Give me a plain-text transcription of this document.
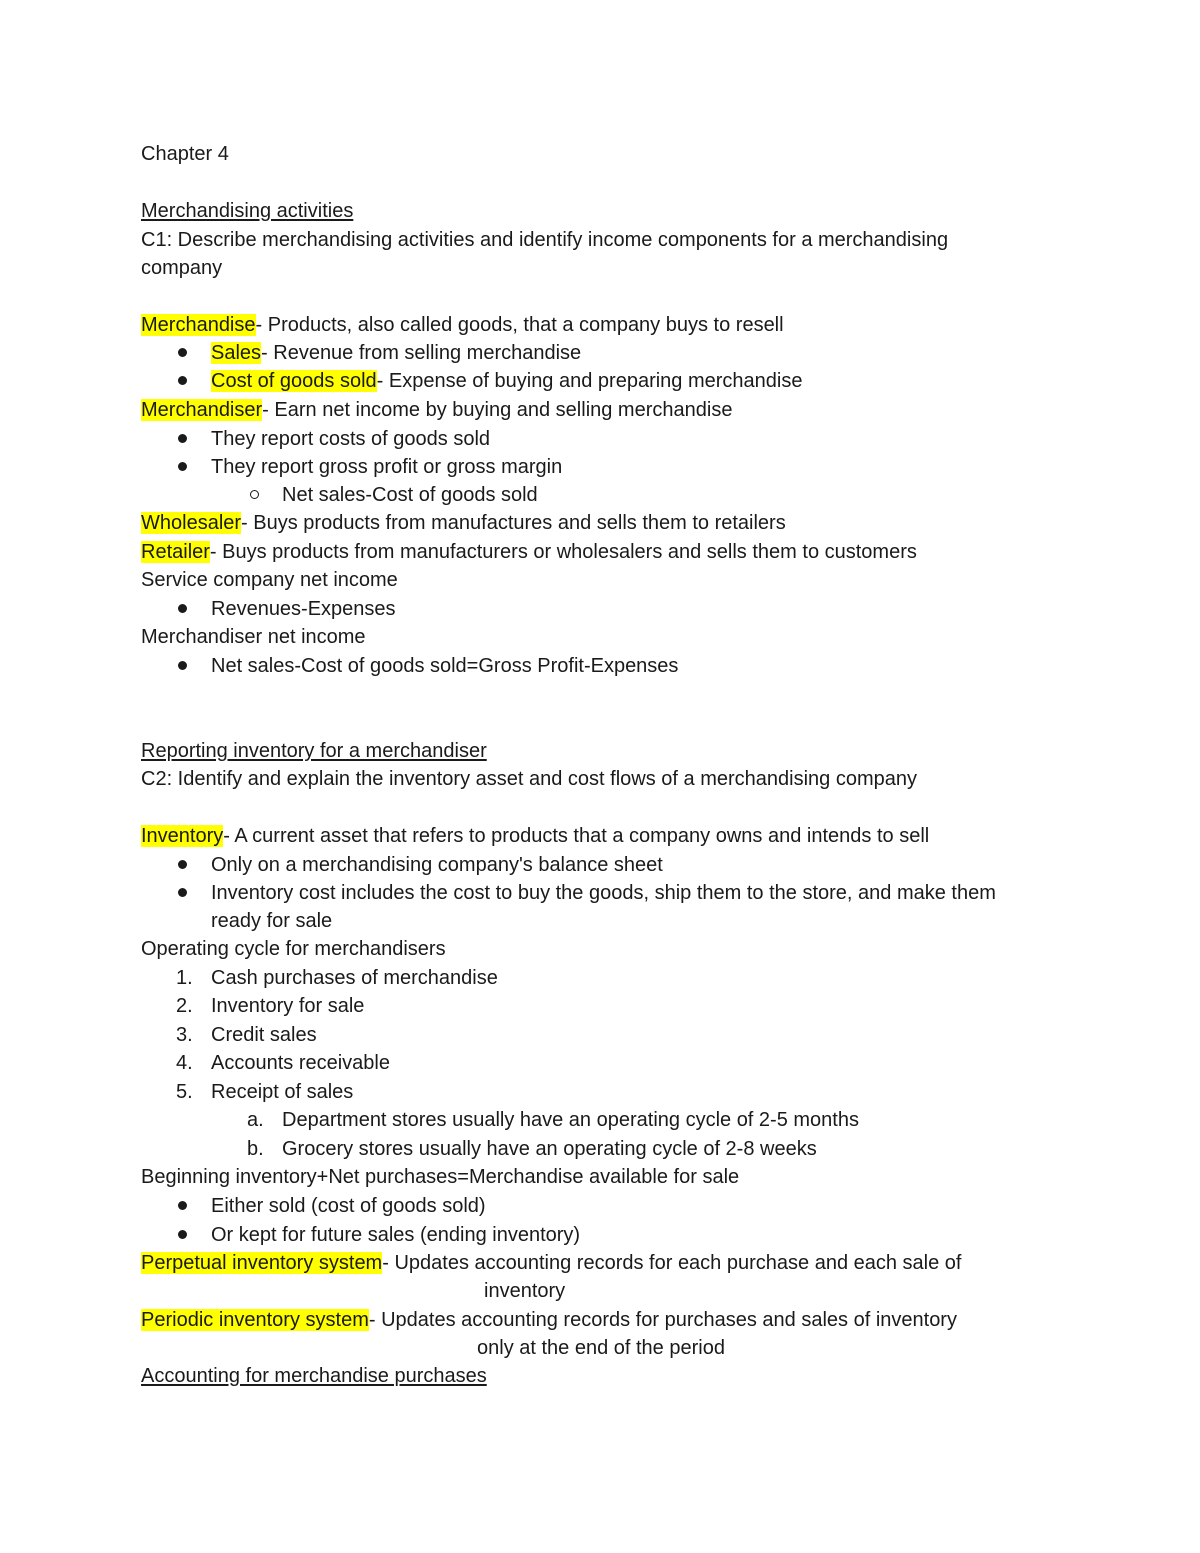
Chapter 4
Merchandising activities
C1: Describe merchandising activities and identify income components for a merchandising
company
Merchandise- Products, also called goods, that a company buys to resell
Sales- Revenue from selling merchandise
Cost of goods sold- Expense of buying and preparing merchandise
Merchandiser- Earn net income by buying and selling merchandise
They report costs of goods sold
They report gross profit or gross margin
Net sales-Cost of goods sold
Wholesaler- Buys products from manufactures and sells them to retailers
Retailer- Buys products from manufacturers or wholesalers and sells them to customers
Service company net income
Revenues-Expenses
Merchandiser net income
Net sales-Cost of goods sold=Gross Profit-Expenses
Reporting inventory for a merchandiser
C2: Identify and explain the inventory asset and cost flows of a merchandising company
Inventory- A current asset that refers to products that a company owns and intends to sell
Only on a merchandising company's balance sheet
Inventory cost includes the cost to buy the goods, ship them to the store, and make them
ready for sale
Operating cycle for merchandisers
1. Cash purchases of merchandise
2. Inventory for sale
3. Credit sales
4. Accounts receivable
5. Receipt of sales
a. Department stores usually have an operating cycle of 2-5 months
b. Grocery stores usually have an operating cycle of 2-8 weeks
Beginning inventory+Net purchases=Merchandise available for sale
Either sold (cost of goods sold)
Or kept for future sales (ending inventory)
Perpetual inventory system- Updates accounting records for each purchase and each sale of
inventory
Periodic inventory system- Updates accounting records for purchases and sales of inventory
only at the end of the period
Accounting for merchandise purchases
